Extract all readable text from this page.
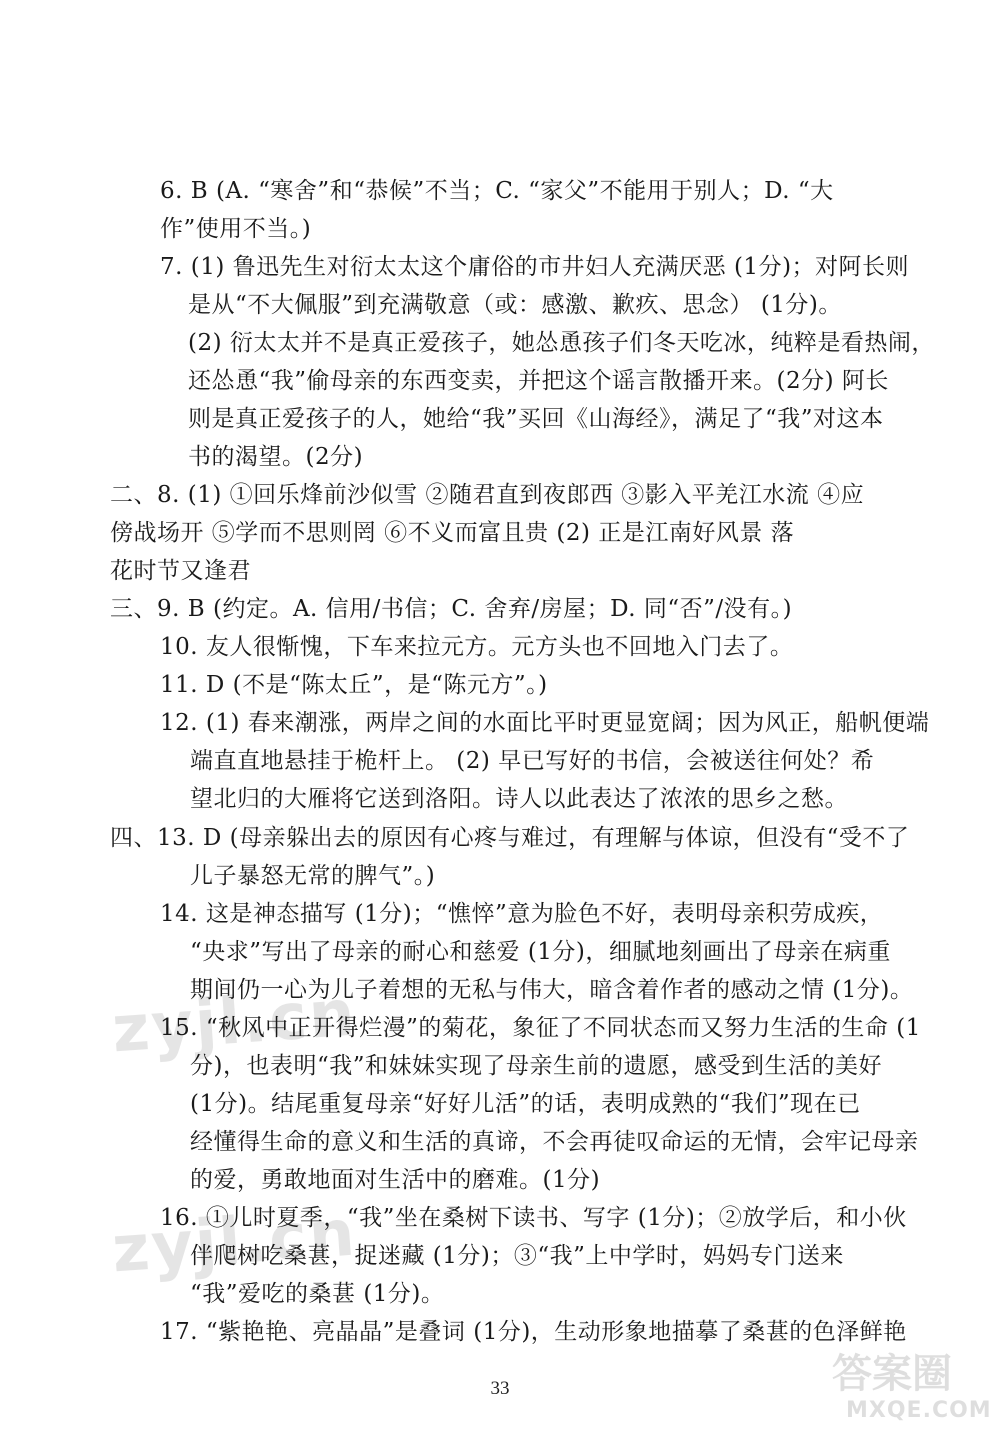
6. B (A. “寒舍”和“恭候”不当；C. “家父”不能用于别人；D. “大
作”使用不当。)
7. (1) 鲁迅先生对衍太太这个庸俗的市井妇人充满厌恶 (1分)；对阿长则
是从“不大佩服”到充满敬意（或：感激、歉疚、思念） (1分)。
(2) 衍太太并不是真正爱孩子，她怂恿孩子们冬天吃冰，纯粹是看热闹，
还怂恿“我”偷母亲的东西变卖，并把这个谣言散播开来。(2分) 阿长
则是真正爱孩子的人，她给“我”买回《山海经》，满足了“我”对这本
书的渴望。(2分)
二、8. (1) ①回乐烽前沙似雪 ②随君直到夜郎西 ③影入平羌江水流 ④应
傍战场开 ⑤学而不思则罔 ⑥不义而富且贵 (2) 正是江南好风景 落
花时节又逢君
三、9. B (约定。A. 信用/书信；C. 舍弃/房屋；D. 同“否”/没有。)
10. 友人很惭愧，下车来拉元方。元方头也不回地入门去了。
11. D (不是“陈太丘”，是“陈元方”。)
12. (1) 春来潮涨，两岸之间的水面比平时更显宽阔；因为风正，船帆便端
端直直地悬挂于桅杆上。 (2) 早已写好的书信，会被送往何处？希
望北归的大雁将它送到洛阳。诗人以此表达了浓浓的思乡之愁。
四、13. D (母亲躲出去的原因有心疼与难过，有理解与体谅，但没有“受不了
儿子暴怒无常的脾气”。)
14. 这是神态描写 (1分)；“憔悴”意为脸色不好，表明母亲积劳成疾，
“央求”写出了母亲的耐心和慈爱 (1分)，细腻地刻画出了母亲在病重
期间仍一心为儿子着想的无私与伟大，暗含着作者的感动之情 (1分)。
15. “秋风中正开得烂漫”的菊花，象征了不同状态而又努力生活的生命 (1
分)，也表明“我”和妹妹实现了母亲生前的遗愿，感受到生活的美好
(1分)。结尾重复母亲“好好儿活”的话，表明成熟的“我们”现在已
经懂得生命的意义和生活的真谛，不会再徒叹命运的无情，会牢记母亲
的爱，勇敢地面对生活中的磨难。(1分)
16. ①儿时夏季，“我”坐在桑树下读书、写字 (1分)；②放学后，和小伙
伴爬树吃桑葚，捉迷藏 (1分)；③“我”上中学时，妈妈专门送来
“我”爱吃的桑葚 (1分)。
17. “紫艳艳、亮晶晶”是叠词 (1分)，生动形象地描摹了桑葚的色泽鲜艳
33
zyjl.cn
zyjl.cn
答案圈
MXQE.COM
